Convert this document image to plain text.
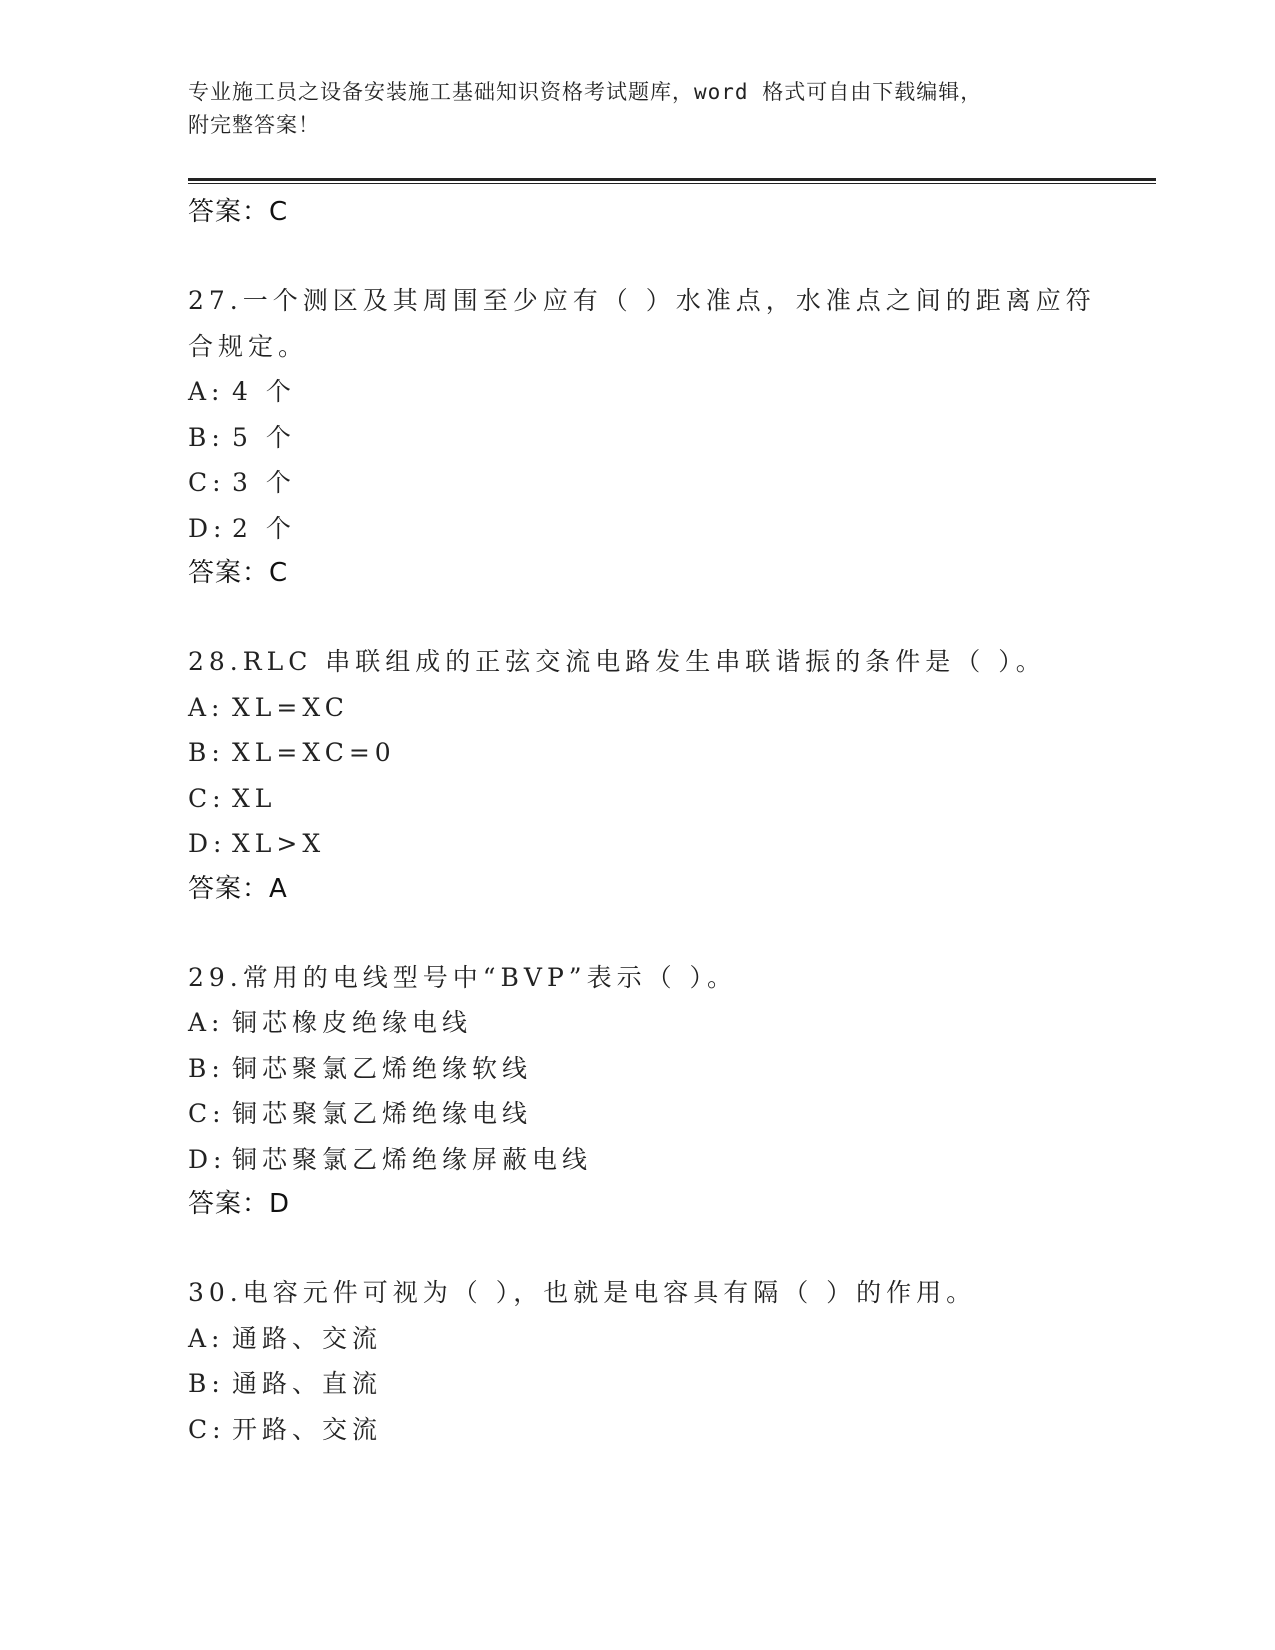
专业施工员之设备安装施工基础知识资格考试题库，word 格式可自由下载编辑，
附完整答案！
答案：C
27.一个测区及其周围至少应有（ ）水准点，水准点之间的距离应符
合规定。
A: 4 个
B: 5 个
C: 3 个
D: 2 个
答案：C
28.RLC 串联组成的正弦交流电路发生串联谐振的条件是（ ）。
A: XL=XC
B: XL=XC=0
C: XL
D: XL>X
答案：A
29.常用的电线型号中“BVP”表示（ ）。
A: 铜芯橡皮绝缘电线
B: 铜芯聚氯乙烯绝缘软线
C: 铜芯聚氯乙烯绝缘电线
D: 铜芯聚氯乙烯绝缘屏蔽电线
答案：D
30.电容元件可视为（ ），也就是电容具有隔（ ）的作用。
A: 通路、交流
B: 通路、直流
C: 开路、交流
